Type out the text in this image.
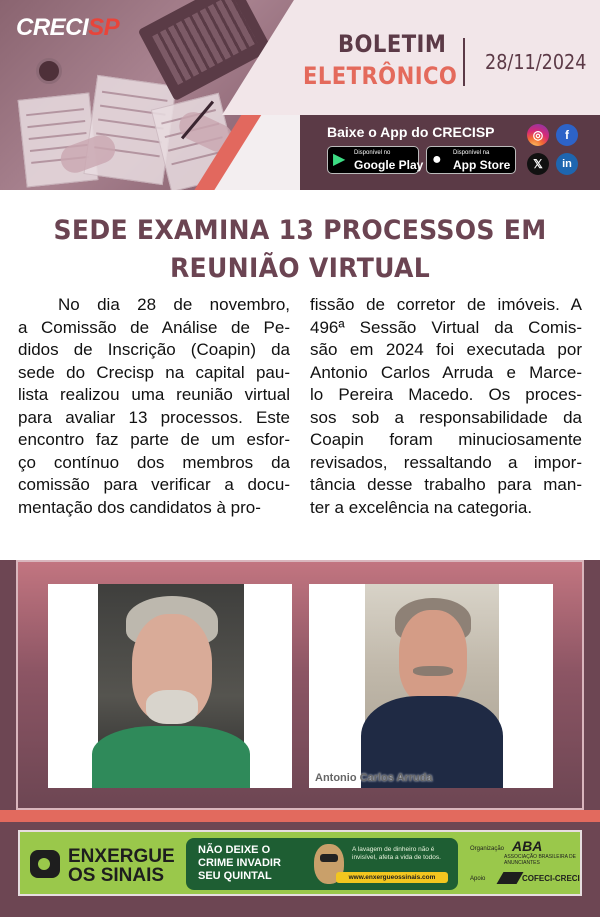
CRECISP
BOLETIM
ELETRÔNICO 28/11/2024
Baixe o App do CRECISP
▶ Disponível no
Google Play ● Disponível na
App Store
◎	f
𝕏	in
SEDE EXAMINA 13 PROCESSOS EM
REUNIÃO VIRTUAL
No dia 28 de novembro,
a Comissão de Análise de Pe-
didos de Inscrição (Coapin) da
sede do Crecisp na capital pau-
lista realizou uma reunião virtual
para avaliar 13 processos. Este
encontro faz parte de um esfor-
ço contínuo dos membros da
comissão para verificar a docu-
mentação dos candidatos à pro-
fissão de corretor de imóveis. A
496ª Sessão Virtual da Comis-
são em 2024 foi executada por
Antonio Carlos Arruda e Marce-
lo Pereira Macedo. Os proces-
sos sob a responsabilidade da
Coapin foram minuciosamente
revisados, ressaltando a impor-
tância desse trabalho para man-
ter a excelência na categoria.
Antonio Carlos Arruda
ENXERGUE
OS SINAIS
NÃO DEIXE O
CRIME INVADIR
SEU QUINTAL
A lavagem de dinheiro não é invisível, afeta a vida de todos.
www.enxergueossinais.com
Organização ABA
ASSOCIAÇÃO BRASILEIRA DE ANUNCIANTES
Apoio	COFECI-CRECI
